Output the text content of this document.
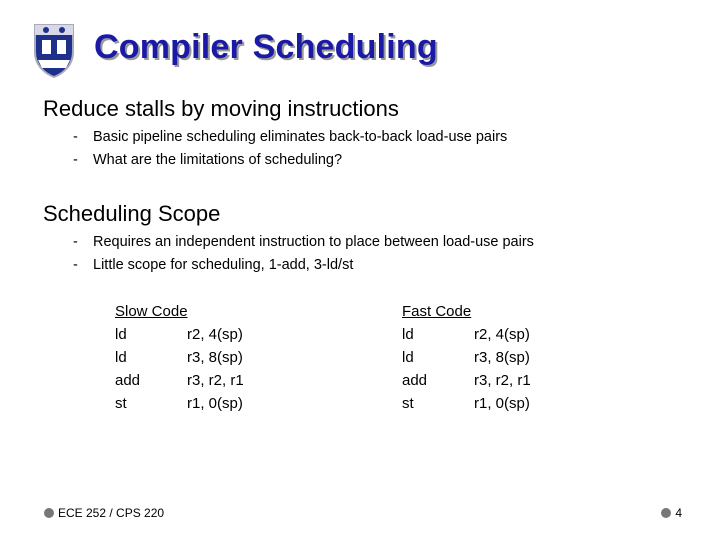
Compiler Scheduling
Reduce stalls by moving instructions
-	Basic pipeline scheduling eliminates back-to-back load-use pairs
-	What are the limitations of scheduling?
Scheduling Scope
-	Requires an independent instruction to place between load-use pairs
-	Little scope for scheduling, 1-add, 3-ld/st
Slow Code
ld	r2, 4(sp)
ld	r3, 8(sp)
add	r3, r2, r1
st	r1, 0(sp)
Fast Code
ld	r2, 4(sp)
ld	r3, 8(sp)
add	r3, r2, r1
st	r1, 0(sp)
ECE 252 / CPS 220	4
